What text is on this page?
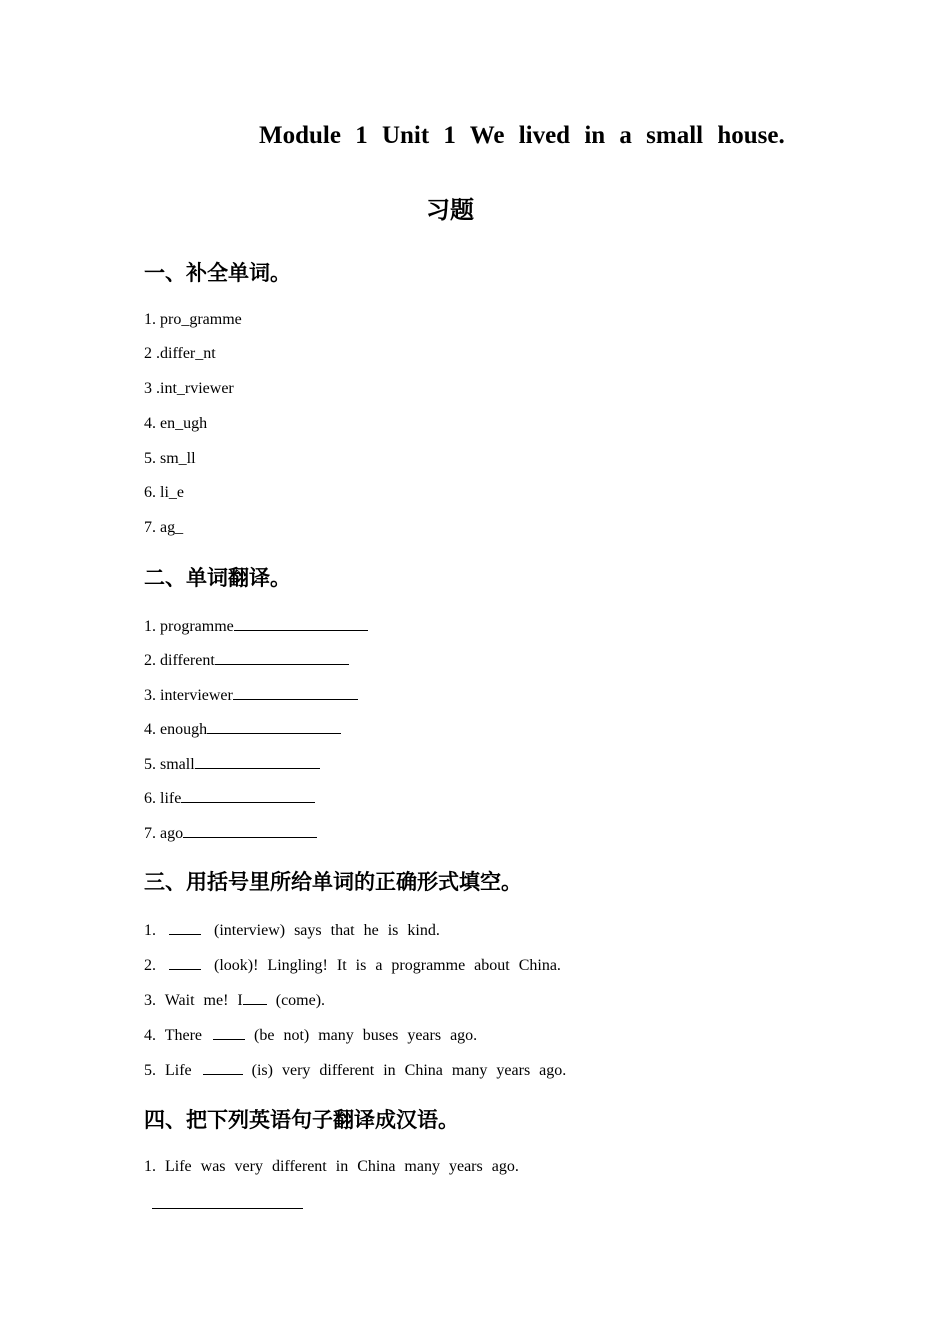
Module 1 Unit 1 We lived in a small house.
习题
一、补全单词。
1. pro_gramme
2 .differ_nt
3 .int_rviewer
4. en_ugh
5. sm_ll
6. li_e
7. ag_
二、单词翻译。
1. programme
2. different
3. interviewer
4. enough
5. small
6. life
7. ago
三、用括号里所给单词的正确形式填空。
1.	(interview) says that he is kind.
2.	(look)! Lingling! It is a programme about China.
3. Wait me! I (come).
4. There  (be not) many buses years ago.
5. Life	(is) very different in China many years ago.
四、把下列英语句子翻译成汉语。
1. Life was very different in China many years ago.
